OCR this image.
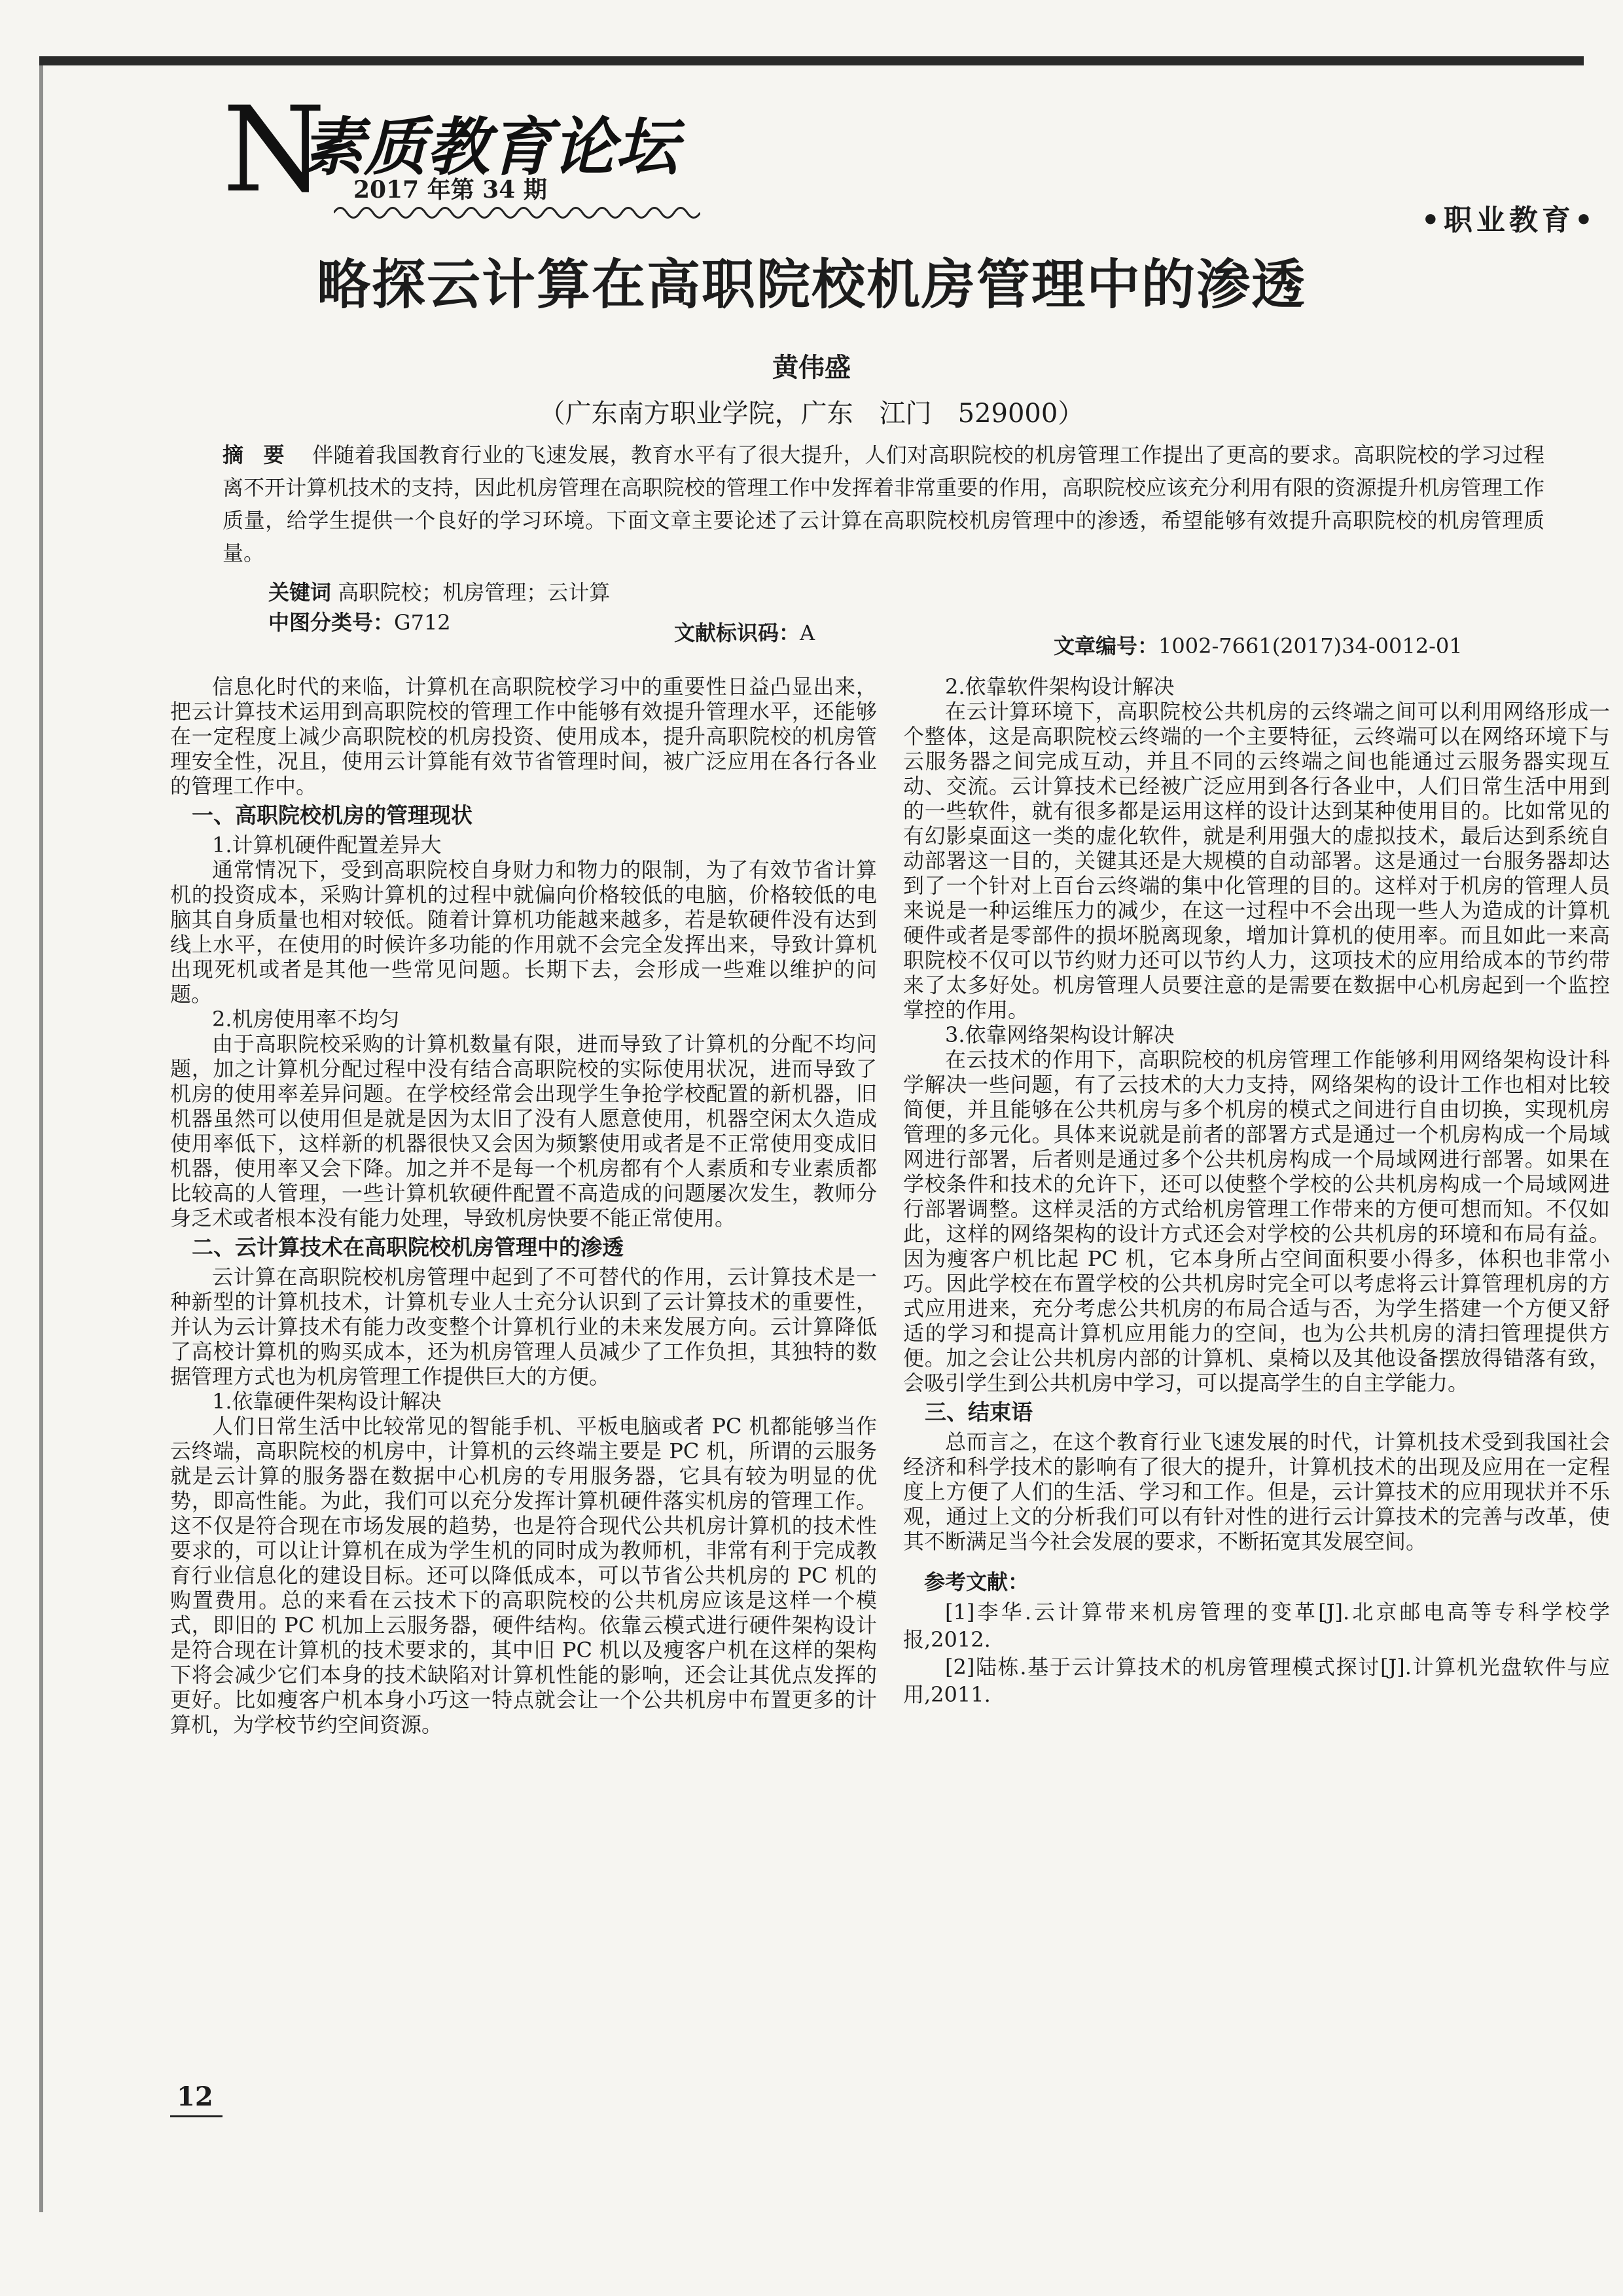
N
素质教育论坛
2017 年第 34 期
•职业教育•
略探云计算在高职院校机房管理中的渗透
黄伟盛
（广东南方职业学院，广东　江门　529000）
摘要 伴随着我国教育行业的飞速发展，教育水平有了很大提升，人们对高职院校的机房管理工作提出了更高的要求。高职院校的学习过程离不开计算机技术的支持，因此机房管理在高职院校的管理工作中发挥着非常重要的作用，高职院校应该充分利用有限的资源提升机房管理工作质量，给学生提供一个良好的学习环境。下面文章主要论述了云计算在高职院校机房管理中的渗透，希望能够有效提升高职院校的机房管理质量。
关键词 高职院校；机房管理；云计算
中图分类号：G712	文献标识码：A
文章编号：1002-7661(2017)34-0012-01

信息化时代的来临，计算机在高职院校学习中的重要性日益凸显出来，把云计算技术运用到高职院校的管理工作中能够有效提升管理水平，还能够在一定程度上减少高职院校的机房投资、使用成本，提升高职院校的机房管理安全性，况且，使用云计算能有效节省管理时间，被广泛应用在各行各业的管理工作中。

一、高职院校机房的管理现状
1.计算机硬件配置差异大

通常情况下，受到高职院校自身财力和物力的限制，为了有效节省计算机的投资成本，采购计算机的过程中就偏向价格较低的电脑，价格较低的电脑其自身质量也相对较低。随着计算机功能越来越多，若是软硬件没有达到线上水平，在使用的时候许多功能的作用就不会完全发挥出来，导致计算机出现死机或者是其他一些常见问题。长期下去，会形成一些难以维护的问题。

2.机房使用率不均匀

由于高职院校采购的计算机数量有限，进而导致了计算机的分配不均问题，加之计算机分配过程中没有结合高职院校的实际使用状况，进而导致了机房的使用率差异问题。在学校经常会出现学生争抢学校配置的新机器，旧机器虽然可以使用但是就是因为太旧了没有人愿意使用，机器空闲太久造成使用率低下，这样新的机器很快又会因为频繁使用或者是不正常使用变成旧机器，使用率又会下降。加之并不是每一个机房都有个人素质和专业素质都比较高的人管理，一些计算机软硬件配置不高造成的问题屡次发生，教师分身乏术或者根本没有能力处理，导致机房快要不能正常使用。

二、云计算技术在高职院校机房管理中的渗透

云计算在高职院校机房管理中起到了不可替代的作用，云计算技术是一种新型的计算机技术，计算机专业人士充分认识到了云计算技术的重要性，并认为云计算技术有能力改变整个计算机行业的未来发展方向。云计算降低了高校计算机的购买成本，还为机房管理人员减少了工作负担，其独特的数据管理方式也为机房管理工作提供巨大的方便。

1.依靠硬件架构设计解决

人们日常生活中比较常见的智能手机、平板电脑或者 PC 机都能够当作云终端，高职院校的机房中，计算机的云终端主要是 PC 机，所谓的云服务就是云计算的服务器在数据中心机房的专用服务器，它具有较为明显的优势，即高性能。为此，我们可以充分发挥计算机硬件落实机房的管理工作。这不仅是符合现在市场发展的趋势，也是符合现代公共机房计算机的技术性要求的，可以让计算机在成为学生机的同时成为教师机，非常有利于完成教育行业信息化的建设目标。还可以降低成本，可以节省公共机房的 PC 机的购置费用。总的来看在云技术下的高职院校的公共机房应该是这样一个模式，即旧的 PC 机加上云服务器，硬件结构。依靠云模式进行硬件架构设计是符合现在计算机的技术要求的，其中旧 PC 机以及瘦客户机在这样的架构下将会减少它们本身的技术缺陷对计算机性能的影响，还会让其优点发挥的更好。比如瘦客户机本身小巧这一特点就会让一个公共机房中布置更多的计算机，为学校节约空间资源。

2.依靠软件架构设计解决

在云计算环境下，高职院校公共机房的云终端之间可以利用网络形成一个整体，这是高职院校云终端的一个主要特征，云终端可以在网络环境下与云服务器之间完成互动，并且不同的云终端之间也能通过云服务器实现互动、交流。云计算技术已经被广泛应用到各行各业中，人们日常生活中用到的一些软件，就有很多都是运用这样的设计达到某种使用目的。比如常见的有幻影桌面这一类的虚化软件，就是利用强大的虚拟技术，最后达到系统自动部署这一目的，关键其还是大规模的自动部署。这是通过一台服务器却达到了一个针对上百台云终端的集中化管理的目的。这样对于机房的管理人员来说是一种运维压力的减少，在这一过程中不会出现一些人为造成的计算机硬件或者是零部件的损坏脱离现象，增加计算机的使用率。而且如此一来高职院校不仅可以节约财力还可以节约人力，这项技术的应用给成本的节约带来了太多好处。机房管理人员要注意的是需要在数据中心机房起到一个监控掌控的作用。

3.依靠网络架构设计解决

在云技术的作用下，高职院校的机房管理工作能够利用网络架构设计科学解决一些问题，有了云技术的大力支持，网络架构的设计工作也相对比较简便，并且能够在公共机房与多个机房的模式之间进行自由切换，实现机房管理的多元化。具体来说就是前者的部署方式是通过一个机房构成一个局域网进行部署，后者则是通过多个公共机房构成一个局域网进行部署。如果在学校条件和技术的允许下，还可以使整个学校的公共机房构成一个局域网进行部署调整。这样灵活的方式给机房管理工作带来的方便可想而知。不仅如此，这样的网络架构的设计方式还会对学校的公共机房的环境和布局有益。因为瘦客户机比起 PC 机，它本身所占空间面积要小得多，体积也非常小巧。因此学校在布置学校的公共机房时完全可以考虑将云计算管理机房的方式应用进来，充分考虑公共机房的布局合适与否，为学生搭建一个方便又舒适的学习和提高计算机应用能力的空间，也为公共机房的清扫管理提供方便。加之会让公共机房内部的计算机、桌椅以及其他设备摆放得错落有致，会吸引学生到公共机房中学习，可以提高学生的自主学能力。

三、结束语

总而言之，在这个教育行业飞速发展的时代，计算机技术受到我国社会经济和科学技术的影响有了很大的提升，计算机技术的出现及应用在一定程度上方便了人们的生活、学习和工作。但是，云计算技术的应用现状并不乐观，通过上文的分析我们可以有针对性的进行云计算技术的完善与改革，使其不断满足当今社会发展的要求，不断拓宽其发展空间。

参考文献：

[1]李华.云计算带来机房管理的变革[J].北京邮电高等专科学校学报,2012.

[2]陆栋.基于云计算技术的机房管理模式探讨[J].计算机光盘软件与应用,2011.

12
